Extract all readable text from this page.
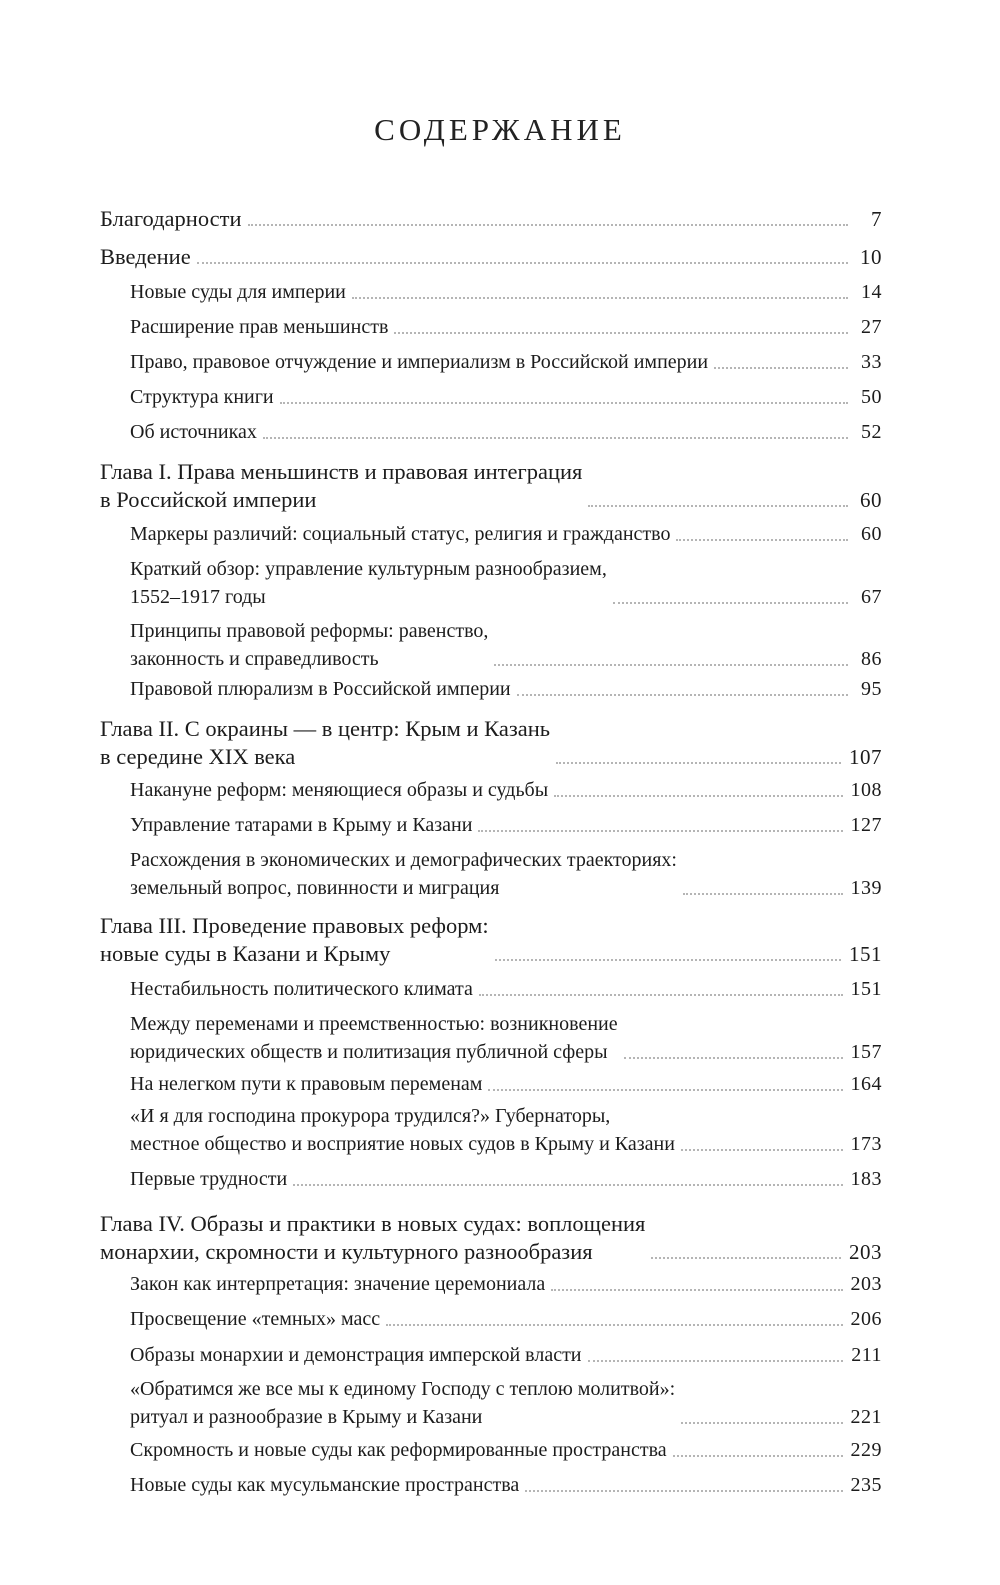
СОДЕРЖАНИЕ
Благодарности	7
Введение	10
Новые суды для империи	14
Расширение прав меньшинств	27
Право, правовое отчуждение и империализм в Российской империи	33
Структура книги	50
Об источниках	52
Глава I. Права меньшинств и правовая интеграция
в Российской империи	60
Маркеры различий: социальный статус, религия и гражданство	60
Краткий обзор: управление культурным разнообразием,
1552–1917 годы	67
Принципы правовой реформы: равенство,
законность и справедливость	86
Правовой плюрализм в Российской империи	95
Глава II. С окраины — в центр: Крым и Казань
в середине XIX века	107
Накануне реформ: меняющиеся образы и судьбы	108
Управление татарами в Крыму и Казани	127
Расхождения в экономических и демографических траекториях:
земельный вопрос, повинности и миграция	139
Глава III. Проведение правовых реформ:
новые суды в Казани и Крыму	151
Нестабильность политического климата	151
Между переменами и преемственностью: возникновение
юридических обществ и политизация публичной сферы	157
На нелегком пути к правовым переменам	164
«И я для господина прокурора трудился?» Губернаторы,
местное общество и восприятие новых судов в Крыму и Казани	173
Первые трудности	183
Глава IV. Образы и практики в новых судах: воплощения
монархии, скромности и культурного разнообразия	203
Закон как интерпретация: значение церемониала	203
Просвещение «темных» масс	206
Образы монархии и демонстрация имперской власти	211
«Обратимся же все мы к единому Господу с теплою молитвой»:
ритуал и разнообразие в Крыму и Казани	221
Скромность и новые суды как реформированные пространства	229
Новые суды как мусульманские пространства	235
